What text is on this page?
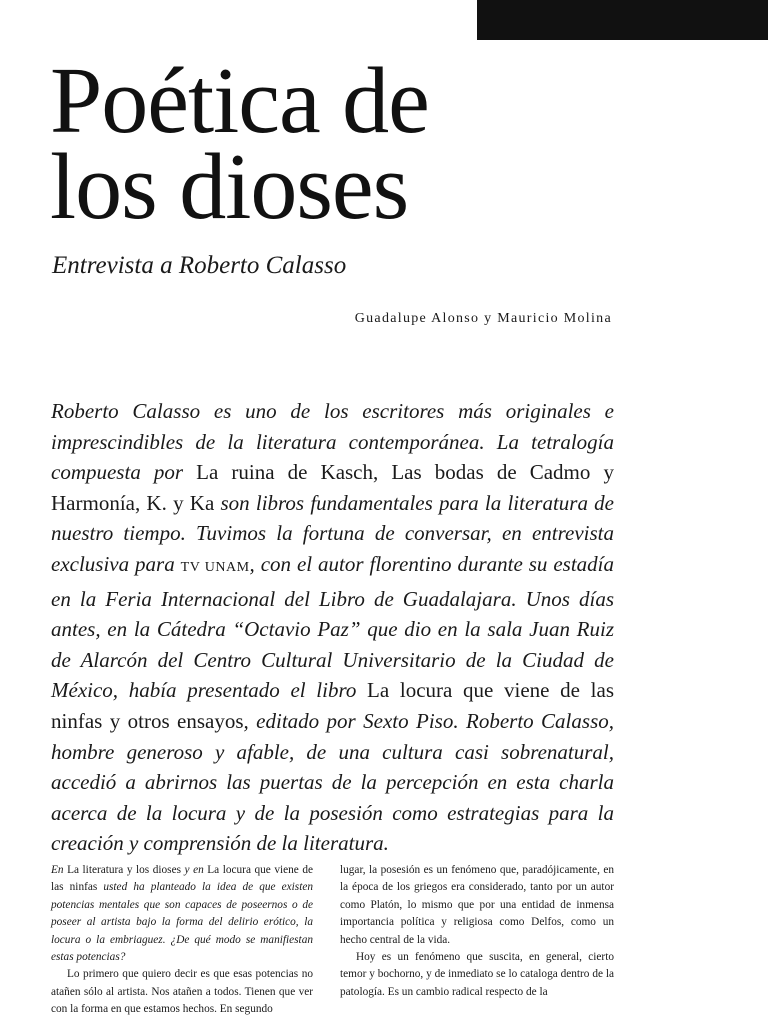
Poética de
los dioses
Entrevista a Roberto Calasso
Guadalupe Alonso y Mauricio Molina

Roberto Calasso es uno de los escritores más originales e imprescindibles de la literatura contemporánea. La tetralogía compuesta por La ruina de Kasch, Las bodas de Cadmo y Harmonía, K. y Ka son libros fundamentales para la literatura de nuestro tiempo. Tuvimos la fortuna de conversar, en entrevista exclusiva para TV UNAM, con el autor florentino durante su estadía en la Feria Internacional del Libro de Guadalajara. Unos días antes, en la Cátedra “Octavio Paz” que dio en la sala Juan Ruiz de Alarcón del Centro Cultural Universitario de la Ciudad de México, había presentado el libro La locura que viene de las ninfas y otros ensayos, editado por Sexto Piso. Roberto Calasso, hombre generoso y afable, de una cultura casi sobrenatural, accedió a abrirnos las puertas de la percepción en esta charla acerca de la locura y de la posesión como estrategias para la creación y comprensión de la literatura.

En La literatura y los dioses y en La locura que viene de las ninfas usted ha planteado la idea de que existen potencias mentales que son capaces de poseernos o de poseer al artista bajo la forma del delirio erótico, la locura o la embriaguez. ¿De qué modo se manifiestan estas potencias?

Lo primero que quiero decir es que esas potencias no atañen sólo al artista. Nos atañen a todos. Tienen que ver con la forma en que estamos hechos. En segundo

lugar, la posesión es un fenómeno que, paradójicamente, en la época de los griegos era considerado, tanto por un autor como Platón, lo mismo que por una entidad de inmensa importancia política y religiosa como Delfos, como un hecho central de la vida.

Hoy es un fenómeno que suscita, en general, cierto temor y bochorno, y de inmediato se lo cataloga dentro de la patología. Es un cambio radical respecto de la
